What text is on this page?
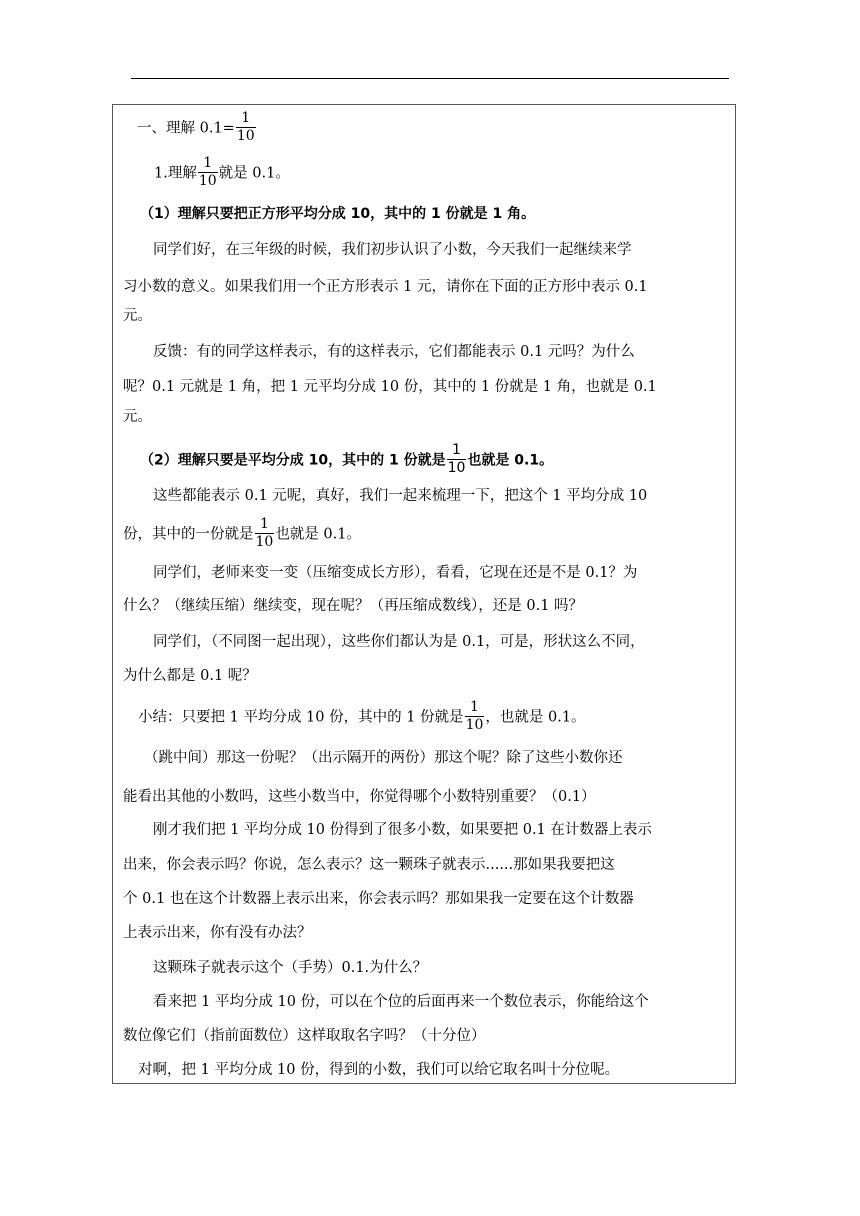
一、理解 $0.1= \frac{1}{10}$
1.理解 $\frac{1}{10}$ 就是 0.1。
（1）理解只要把正方形平均分成 10，其中的 1 份就是 1 角。
同学们好，在三年级的时候，我们初步认识了小数，今天我们一起继续来学
习小数的意义。如果我们用一个正方形表示 1 元，请你在下面的正方形中表示 0.1
元。
反馈：有的同学这样表示，有的这样表示，它们都能表示 0.1 元吗？为什么
呢？0.1 元就是 1 角，把 1 元平均分成 10 份，其中的 1 份就是 1 角，也就是 0.1
元。
（2）理解只要是平均分成 10，其中的 1 份就是 $\frac{1}{10}$ 也就是 0.1。
这些都能表示 0.1 元呢，真好，我们一起来梳理一下，把这个 1 平均分成 10
份，其中的一份就是 $\frac{1}{10}$ 也就是 0.1。
同学们，老师来变一变（压缩变成长方形），看看，它现在还是不是 0.1？为
什么？（继续压缩）继续变，现在呢？（再压缩成数线），还是 0.1 吗？
同学们，（不同图一起出现），这些你们都认为是 0.1，可是，形状这么不同，
为什么都是 0.1 呢？
小结：只要把 1 平均分成 10 份，其中的 1 份就是 $\frac{1}{10}$ ，也就是 0.1。
（跳中间）那这一份呢？（出示隔开的两份）那这个呢？除了这些小数你还
能看出其他的小数吗，这些小数当中，你觉得哪个小数特别重要？（0.1）
刚才我们把 1 平均分成 10 份得到了很多小数，如果要把 0.1 在计数器上表示
出来，你会表示吗？你说，怎么表示？这一颗珠子就表示......那如果我要把这
个 0.1 也在这个计数器上表示出来，你会表示吗？那如果我一定要在这个计数器
上表示出来，你有没有办法？
这颗珠子就表示这个（手势）0.1.为什么？
看来把 1 平均分成 10 份，可以在个位的后面再来一个数位表示，你能给这个
数位像它们（指前面数位）这样取取名字吗？（十分位）
对啊，把 1 平均分成 10 份，得到的小数，我们可以给它取名叫十分位呢。
